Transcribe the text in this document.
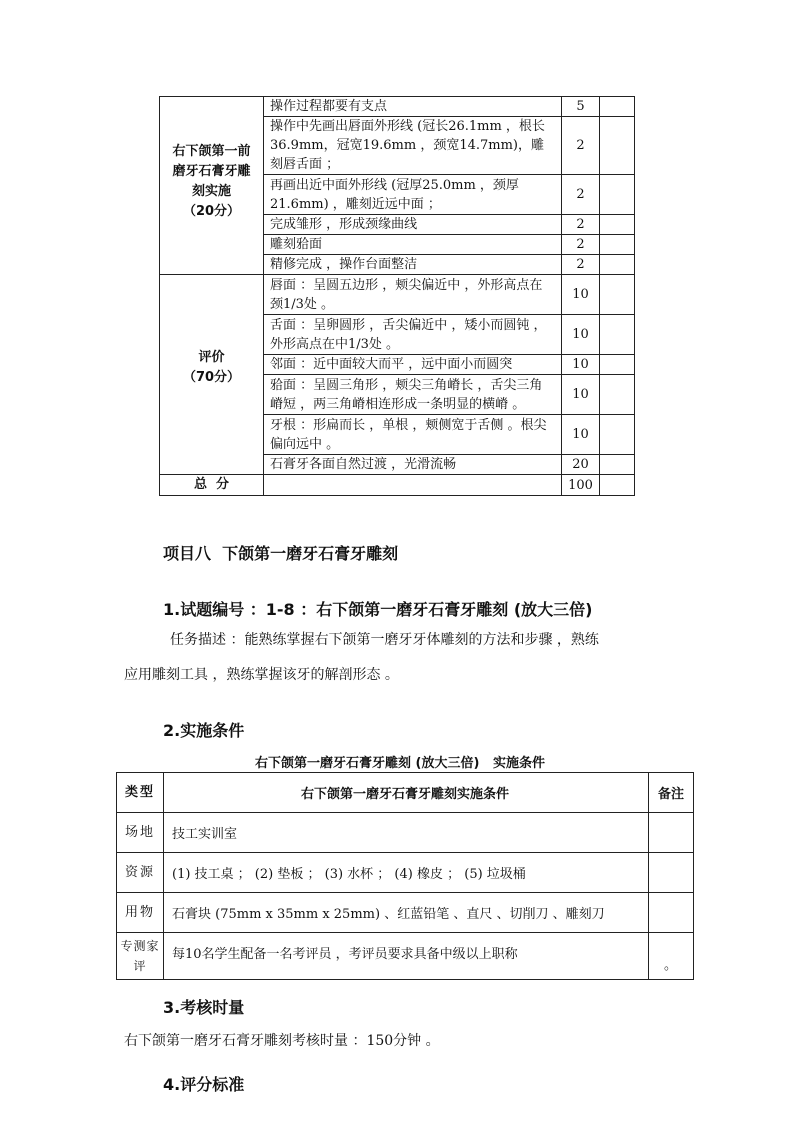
右下颌第一前
磨牙石膏牙雕
刻实施
（20分）	操作过程都要有支点	5	
	操作中先画出唇面外形线 (冠长26.1mm ，根长36.9mm，冠宽19.6mm ，颈宽14.7mm)，雕刻唇舌面 ；	2	
	再画出近中面外形线 (冠厚25.0mm ，颈厚21.6mm) ，雕刻近远中面 ；	2	
	完成雏形 ，形成颈缘曲线	2	
	雕刻𬌗面	2	
	精修完成 ，操作台面整洁	2	

评价
（70分）	唇面 ：呈圆五边形 ，颊尖偏近中 ，外形高点在颈1/3处 。	10	
	舌面 ：呈卵圆形 ，舌尖偏近中 ，矮小而圆钝 ，外形高点在中1/3处 。	10	
	邻面 ：近中面较大而平 ，远中面小而圆突	10	
	𬌗面 ：呈圆三角形 ，颊尖三角嵴长 ，舌尖三角嵴短 ，两三角嵴相连形成一条明显的横嵴 。	10	
	牙根 ：形扁而长 ，单根 ，颊侧宽于舌侧 。根尖偏向远中 。	10	
	石膏牙各面自然过渡 ，光滑流畅	20	
总  分		100	
项目八  下颌第一磨牙石膏牙雕刻
1.试题编号 ：1-8 ：右下颌第一磨牙石膏牙雕刻 (放大三倍)
任务描述 ：能熟练掌握右下颌第一磨牙牙体雕刻的方法和步骤 ，熟练
应用雕刻工具 ，熟练掌握该牙的解剖形态 。
2.实施条件
右下颌第一磨牙石膏牙雕刻 (放大三倍)   实施条件
类型	右下颌第一磨牙石膏牙雕刻实施条件	备注
场地	技工实训室	
资源	(1) 技工桌 ； (2) 垫板 ； (3) 水杯 ； (4) 橡皮 ； (5) 垃圾桶	
用物	石膏块 (75mm x 35mm x 25mm) 、红蓝铅笔 、直尺 、切削刀 、雕刻刀	
专测家评	每10名学生配备一名考评员 ，考评员要求具备中级以上职称	。
3.考核时量
右下颌第一磨牙石膏牙雕刻考核时量 ：150分钟 。
4.评分标准
